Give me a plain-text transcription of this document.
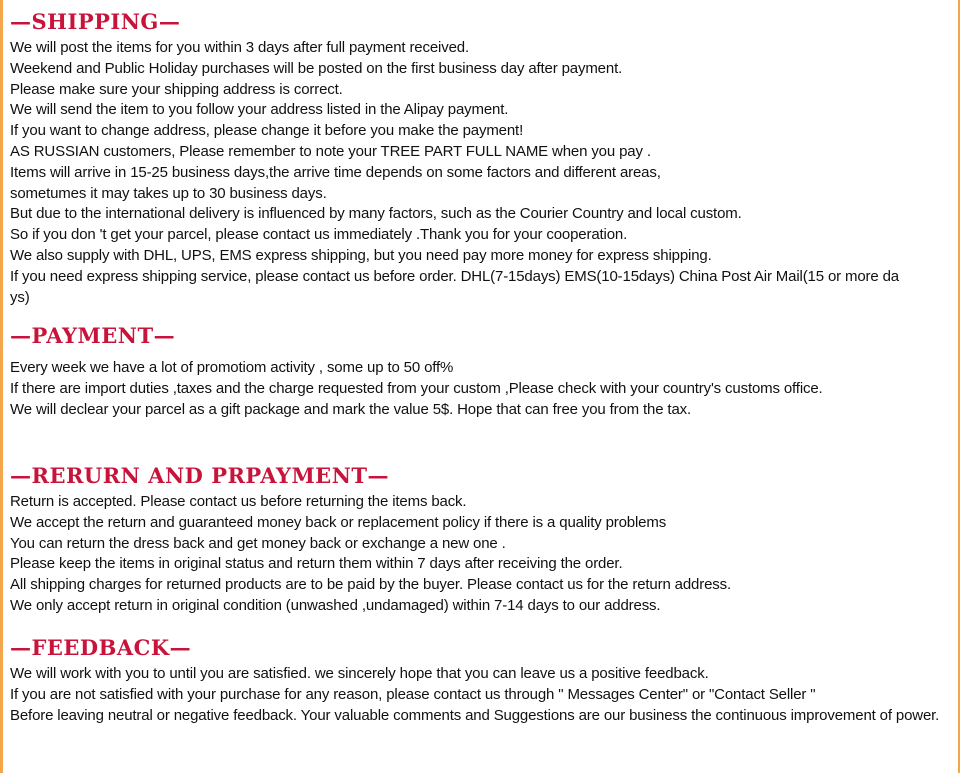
—SHIPPING—
We will post the items for you within 3 days after full payment received.
Weekend and Public Holiday purchases will be posted on the first business day after payment.
Please make sure your shipping address is correct.
We will send the item to you follow your address listed in the Alipay payment.
If you want to change address, please change it before you make the payment!
AS RUSSIAN customers, Please remember to note your TREE PART FULL NAME when you pay .
Items will arrive in 15-25 business days,the arrive time depends on some factors and different areas,
sometumes it may takes up to 30 business days.
But due to the international delivery is influenced by many factors, such as the Courier Country and local custom.
So if you don 't get your parcel, please contact us immediately .Thank you for your cooperation.
We also supply with DHL, UPS, EMS express shipping, but you need pay more money for express shipping.
If you need express shipping service, please contact us before order. DHL(7-15days) EMS(10-15days) China Post Air Mail(15 or more da
ys)
—PAYMENT—
Every week we have a lot of promotiom activity , some up to 50 off%
If there are import duties ,taxes and the charge requested from your custom ,Please check with your country's customs office.
We will declear your parcel as a gift package and mark the value 5$. Hope that can free you from the tax.
—RERURN AND PRPAYMENT—
Return is accepted. Please contact us before returning the items back.
We accept the return and guaranteed money back or replacement policy if there is a quality problems
You can return the dress back and get money back or exchange a new one .
Please keep the items in original status and return them within 7 days after receiving the order.
All shipping charges for returned products are to be paid by the buyer. Please contact us for the return address.
We only accept return in original condition (unwashed ,undamaged) within 7-14 days to our address.
—FEEDBACK—
We will work with you to until you are satisfied. we sincerely hope that you can leave us a positive feedback.
If you are not satisfied with your purchase for any reason, please contact us through " Messages Center" or "Contact Seller "
Before leaving neutral or negative feedback. Your valuable comments and Suggestions are our business the continuous improvement of power.
